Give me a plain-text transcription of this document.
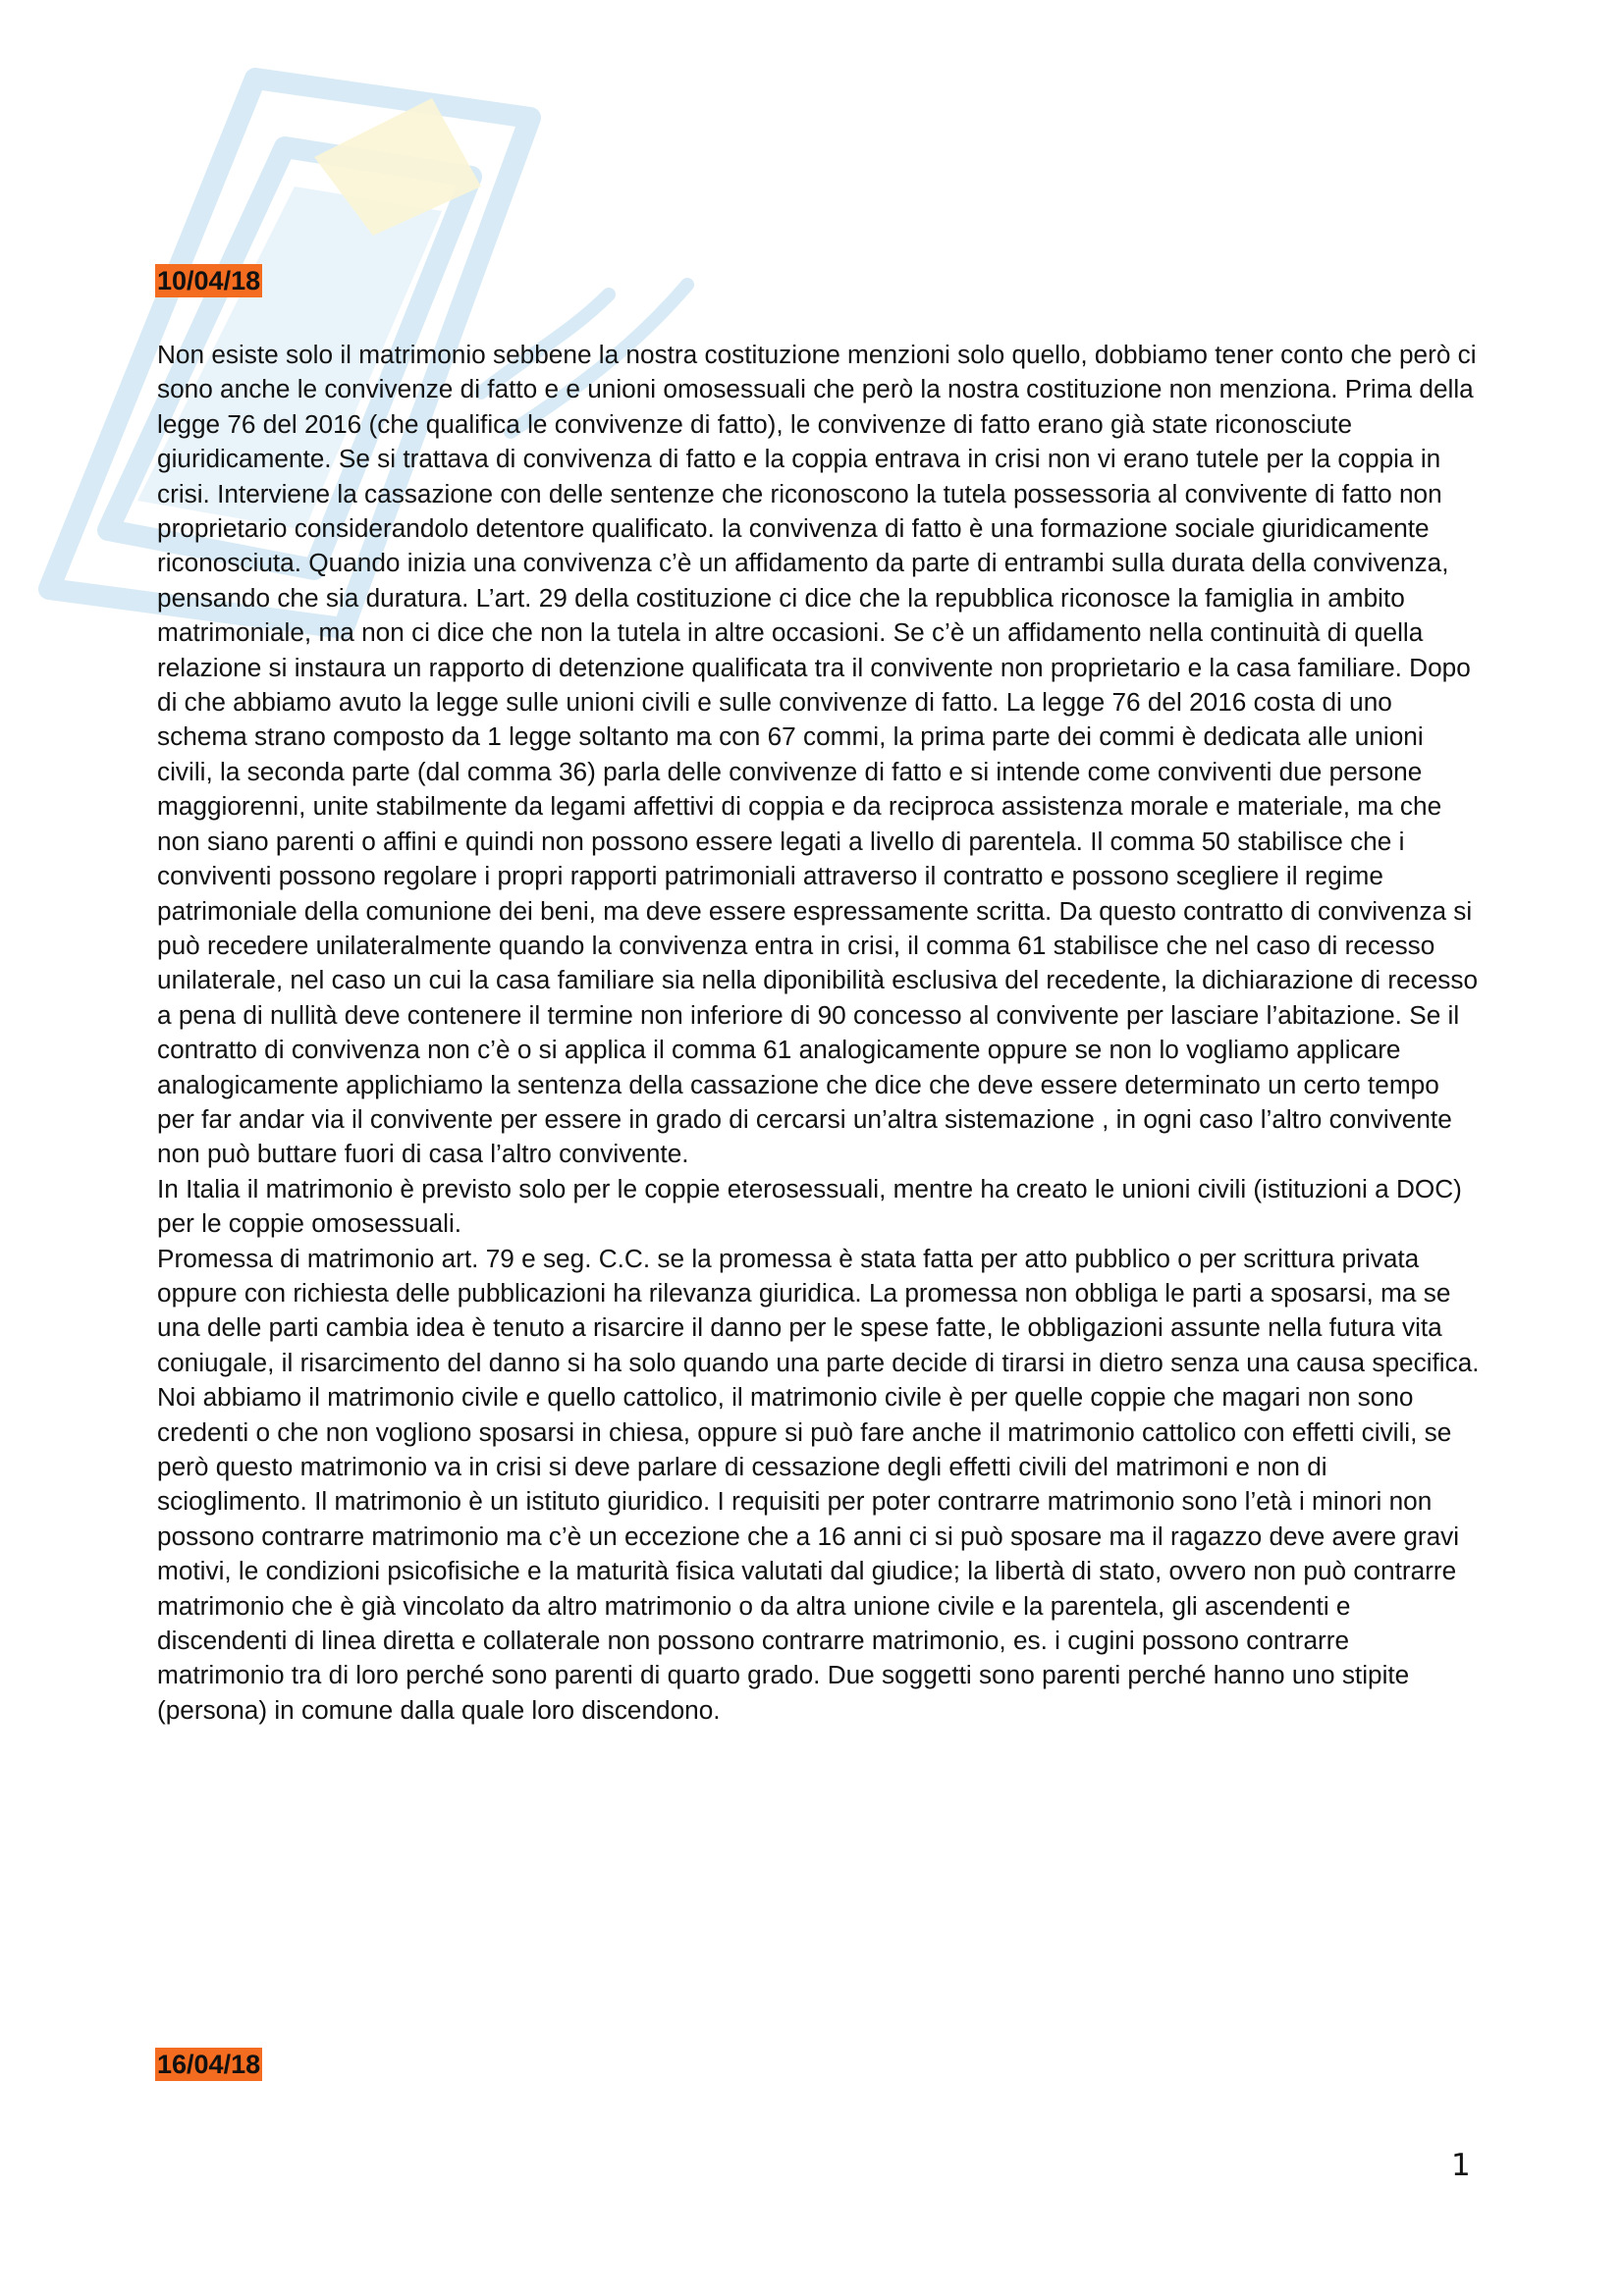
10/04/18

Non esiste solo il matrimonio sebbene la nostra costituzione menzioni solo quello, dobbiamo tener conto che però ci sono anche le convivenze di fatto e e unioni omosessuali che però la nostra costituzione non menziona. Prima della legge 76 del 2016 (che qualifica le convivenze di fatto), le convivenze di fatto erano già state riconosciute giuridicamente. Se si trattava di convivenza di fatto e la coppia entrava in crisi non vi erano tutele per la coppia in crisi. Interviene la cassazione con delle sentenze che riconoscono la tutela possessoria al convivente di fatto non proprietario considerandolo detentore qualificato. la convivenza di fatto è una formazione sociale giuridicamente riconosciuta. Quando inizia una convivenza c’è un affidamento da parte di entrambi sulla durata della convivenza, pensando che sia duratura. L’art. 29 della costituzione ci dice che la repubblica riconosce la famiglia in ambito matrimoniale, ma non ci dice che non la tutela in altre occasioni. Se c’è un affidamento nella continuità di quella relazione si instaura un rapporto di detenzione qualificata tra il convivente non proprietario e la casa familiare. Dopo di che abbiamo avuto la legge sulle unioni civili e sulle convivenze di fatto. La legge 76 del 2016 costa di uno schema strano composto da 1 legge soltanto ma con 67 commi, la prima parte dei commi è dedicata alle unioni civili, la seconda parte (dal comma 36) parla delle convivenze di fatto e si intende come conviventi due persone maggiorenni, unite stabilmente da legami affettivi di coppia e da reciproca assistenza morale e materiale, ma che non siano parenti o affini e quindi non possono essere legati a livello di parentela. Il comma 50 stabilisce che i conviventi possono regolare i propri rapporti patrimoniali attraverso il contratto e possono scegliere il regime patrimoniale della comunione dei beni, ma deve essere espressamente scritta. Da questo contratto di convivenza si può recedere unilateralmente quando la convivenza entra in crisi, il comma 61 stabilisce che nel caso di recesso unilaterale, nel caso un cui la casa familiare sia nella diponibilità esclusiva del recedente, la dichiarazione di recesso a pena di nullità deve contenere il termine non inferiore di 90 concesso al convivente per lasciare l’abitazione. Se il contratto di convivenza non c’è o si applica il comma 61 analogicamente oppure se non lo vogliamo applicare analogicamente applichiamo la sentenza della cassazione che dice che deve essere determinato un certo tempo per far andar via il convivente per essere in grado di cercarsi un’altra sistemazione , in ogni caso l’altro convivente non può buttare fuori di casa l’altro convivente.

In Italia il matrimonio è previsto solo per le coppie eterosessuali, mentre ha creato le unioni civili (istituzioni a DOC) per le coppie omosessuali.

Promessa di matrimonio art. 79 e seg. C.C. se la promessa è stata fatta per atto pubblico o per scrittura privata oppure con richiesta delle pubblicazioni ha rilevanza giuridica. La promessa non obbliga le parti a sposarsi, ma se una delle parti cambia idea è tenuto a risarcire il danno per le spese fatte, le obbligazioni assunte nella futura vita coniugale, il risarcimento del danno si ha solo quando una parte decide di tirarsi in dietro senza una causa specifica.

Noi abbiamo il matrimonio civile e quello cattolico, il matrimonio civile è per quelle coppie che magari non sono credenti o che non vogliono sposarsi in chiesa, oppure si può fare anche il matrimonio cattolico con effetti civili, se però questo matrimonio va in crisi si deve parlare di cessazione degli effetti civili del matrimoni e non di scioglimento. Il matrimonio è un istituto giuridico. I requisiti per poter contrarre matrimonio sono l’età i minori non possono contrarre matrimonio ma c’è un eccezione che a 16 anni ci si può sposare ma il ragazzo deve avere gravi motivi, le condizioni psicofisiche e la maturità fisica valutati dal giudice; la libertà di stato, ovvero non può contrarre matrimonio che è già vincolato da altro matrimonio o da altra unione civile e la parentela, gli ascendenti e discendenti di linea diretta e collaterale non possono contrarre matrimonio, es. i cugini possono contrarre matrimonio tra di loro perché sono parenti di quarto grado. Due soggetti sono parenti perché hanno uno stipite (persona) in comune dalla quale loro discendono.

16/04/18
1
